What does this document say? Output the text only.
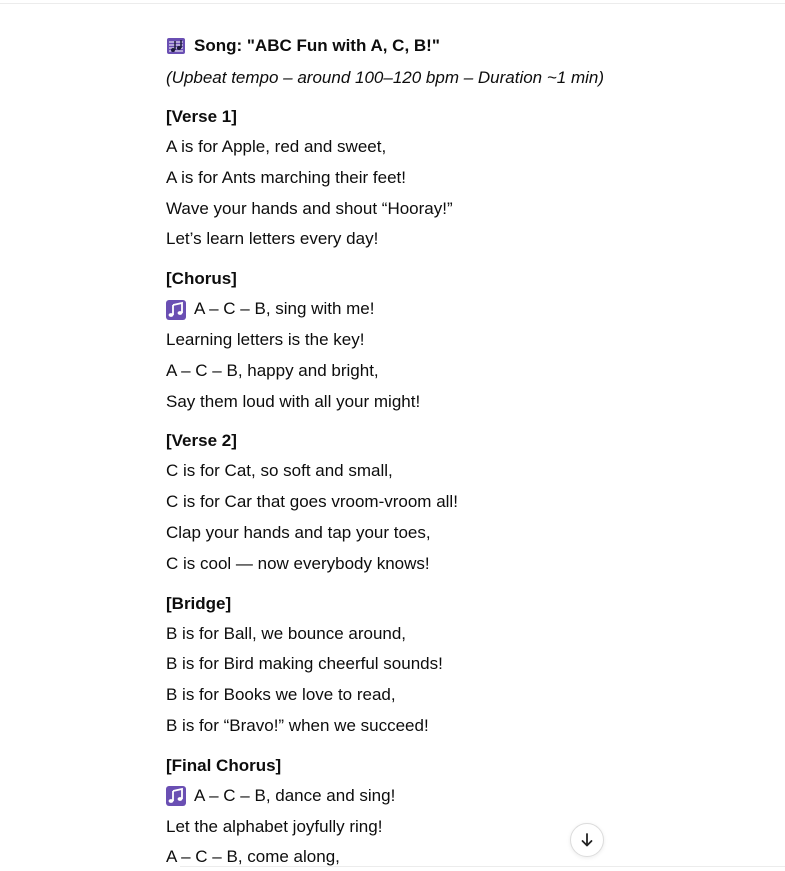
Song: "ABC Fun with A, C, B!"
(Upbeat tempo – around 100–120 bpm – Duration ~1 min)
[Verse 1]
A is for Apple, red and sweet,
A is for Ants marching their feet!
Wave your hands and shout “Hooray!”
Let’s learn letters every day!
[Chorus]
A – C – B, sing with me!
Learning letters is the key!
A – C – B, happy and bright,
Say them loud with all your might!
[Verse 2]
C is for Cat, so soft and small,
C is for Car that goes vroom-vroom all!
Clap your hands and tap your toes,
C is cool — now everybody knows!
[Bridge]
B is for Ball, we bounce around,
B is for Bird making cheerful sounds!
B is for Books we love to read,
B is for “Bravo!” when we succeed!
[Final Chorus]
A – C – B, dance and sing!
Let the alphabet joyfully ring!
A – C – B, come along,
